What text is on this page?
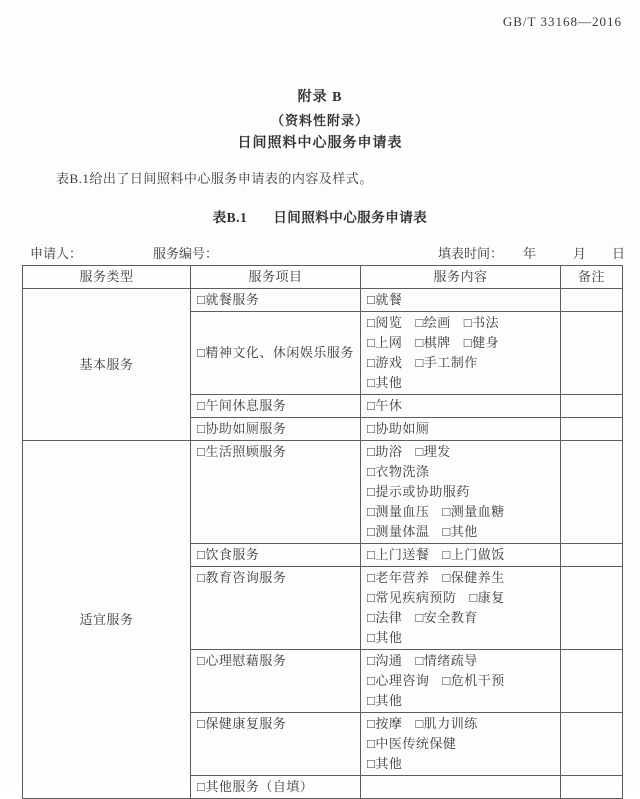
GB/T 33168—2016
附录 B
（资料性附录）
日间照料中心服务申请表

表B.1给出了日间照料中心服务申请表的内容及样式。

表B.1 日间照料中心服务申请表
申请人：	服务编号：	填表时间： 年	月 日
服务类型	服务项目	服务内容	备注
基本服务	□就餐服务	□就餐	

	□精神文化、休闲娱乐服务	□阅览 □绘画 □书法
□上网 □棋牌 □健身
□游戏 □手工制作
□其他	

	□午间休息服务	□午休	

	□协助如厕服务	□协助如厕	

适宜服务	□生活照顾服务	□助浴 □理发
□衣物洗涤
□提示或协助服药
□测量血压 □测量血糖
□测量体温 □其他	

	□饮食服务	□上门送餐 □上门做饭	

	□教育咨询服务	□老年营养 □保健养生
□常见疾病预防 □康复
□法律 □安全教育
□其他	

	□心理慰藉服务	□沟通 □情绪疏导
□心理咨询 □危机干预
□其他	

	□保健康复服务	□按摩 □肌力训练
□中医传统保健
□其他	

	□其他服务（自填）		
